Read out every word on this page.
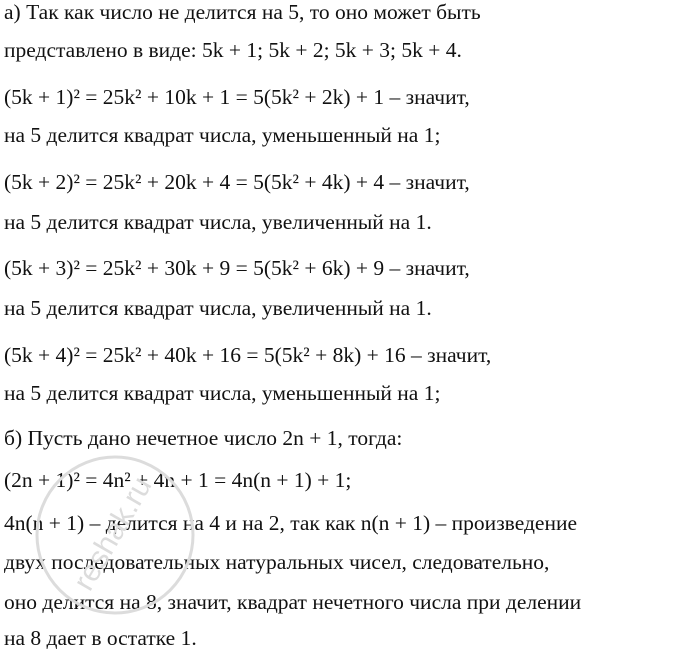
а) Так как число не делится на 5, то оно может быть
представлено в виде: 5k + 1; 5k + 2; 5k + 3; 5k + 4.
(5k + 1)² = 25k² + 10k + 1 = 5(5k² + 2k) + 1 – значит,
на 5 делится квадрат числа, уменьшенный на 1;
(5k + 2)² = 25k² + 20k + 4 = 5(5k² + 4k) + 4 – значит,
на 5 делится квадрат числа, увеличенный на 1.
(5k + 3)² = 25k² + 30k + 9 = 5(5k² + 6k) + 9 – значит,
на 5 делится квадрат числа, увеличенный на 1.
(5k + 4)² = 25k² + 40k + 16 = 5(5k² + 8k) + 16 – значит,
на 5 делится квадрат числа, уменьшенный на 1;
б) Пусть дано нечетное число 2n + 1, тогда:
(2n + 1)² = 4n² + 4n + 1 = 4n(n + 1) + 1;
4n(n + 1) – делится на 4 и на 2, так как n(n + 1) – произведение
двух последовательных натуральных чисел, следовательно,
оно делится на 8, значит, квадрат нечетного числа при делении
на 8 дает в остатке 1.
reshak.ru
